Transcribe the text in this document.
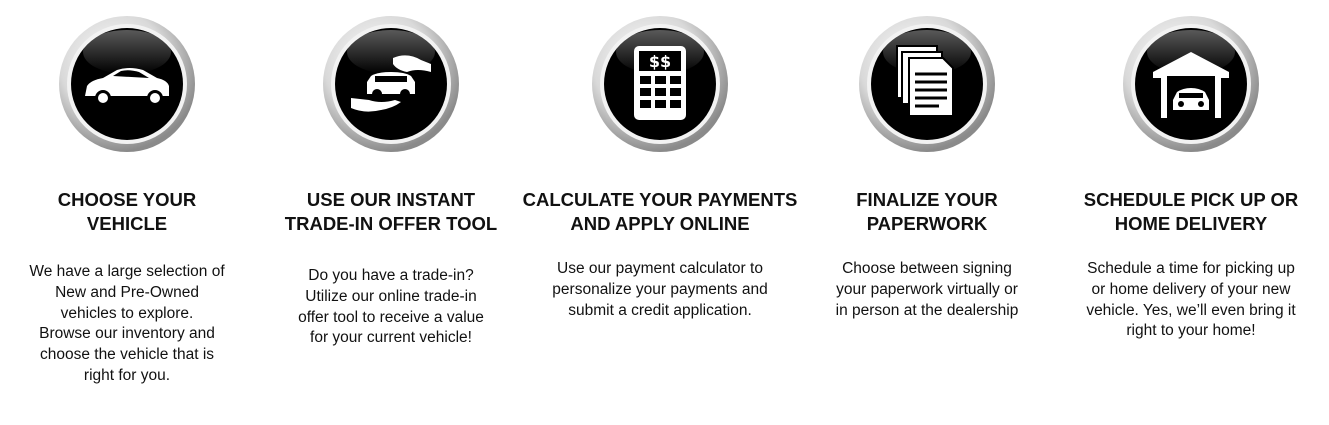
CHOOSE YOUR
VEHICLE
We have a large selection of
New and Pre-Owned
vehicles to explore.
Browse our inventory and
choose the vehicle that is
right for you.
USE OUR INSTANT
TRADE-IN OFFER TOOL
Do you have a trade-in?
Utilize our online trade-in
offer tool to receive a value
for your current vehicle!
$$
CALCULATE YOUR PAYMENTS
AND APPLY ONLINE
Use our payment calculator to
personalize your payments and
submit a credit application.
FINALIZE YOUR
PAPERWORK
Choose between signing
your paperwork virtually or
in person at the dealership
SCHEDULE PICK UP OR
HOME DELIVERY
Schedule a time for picking up
or home delivery of your new
vehicle. Yes, we’ll even bring it
right to your home!
